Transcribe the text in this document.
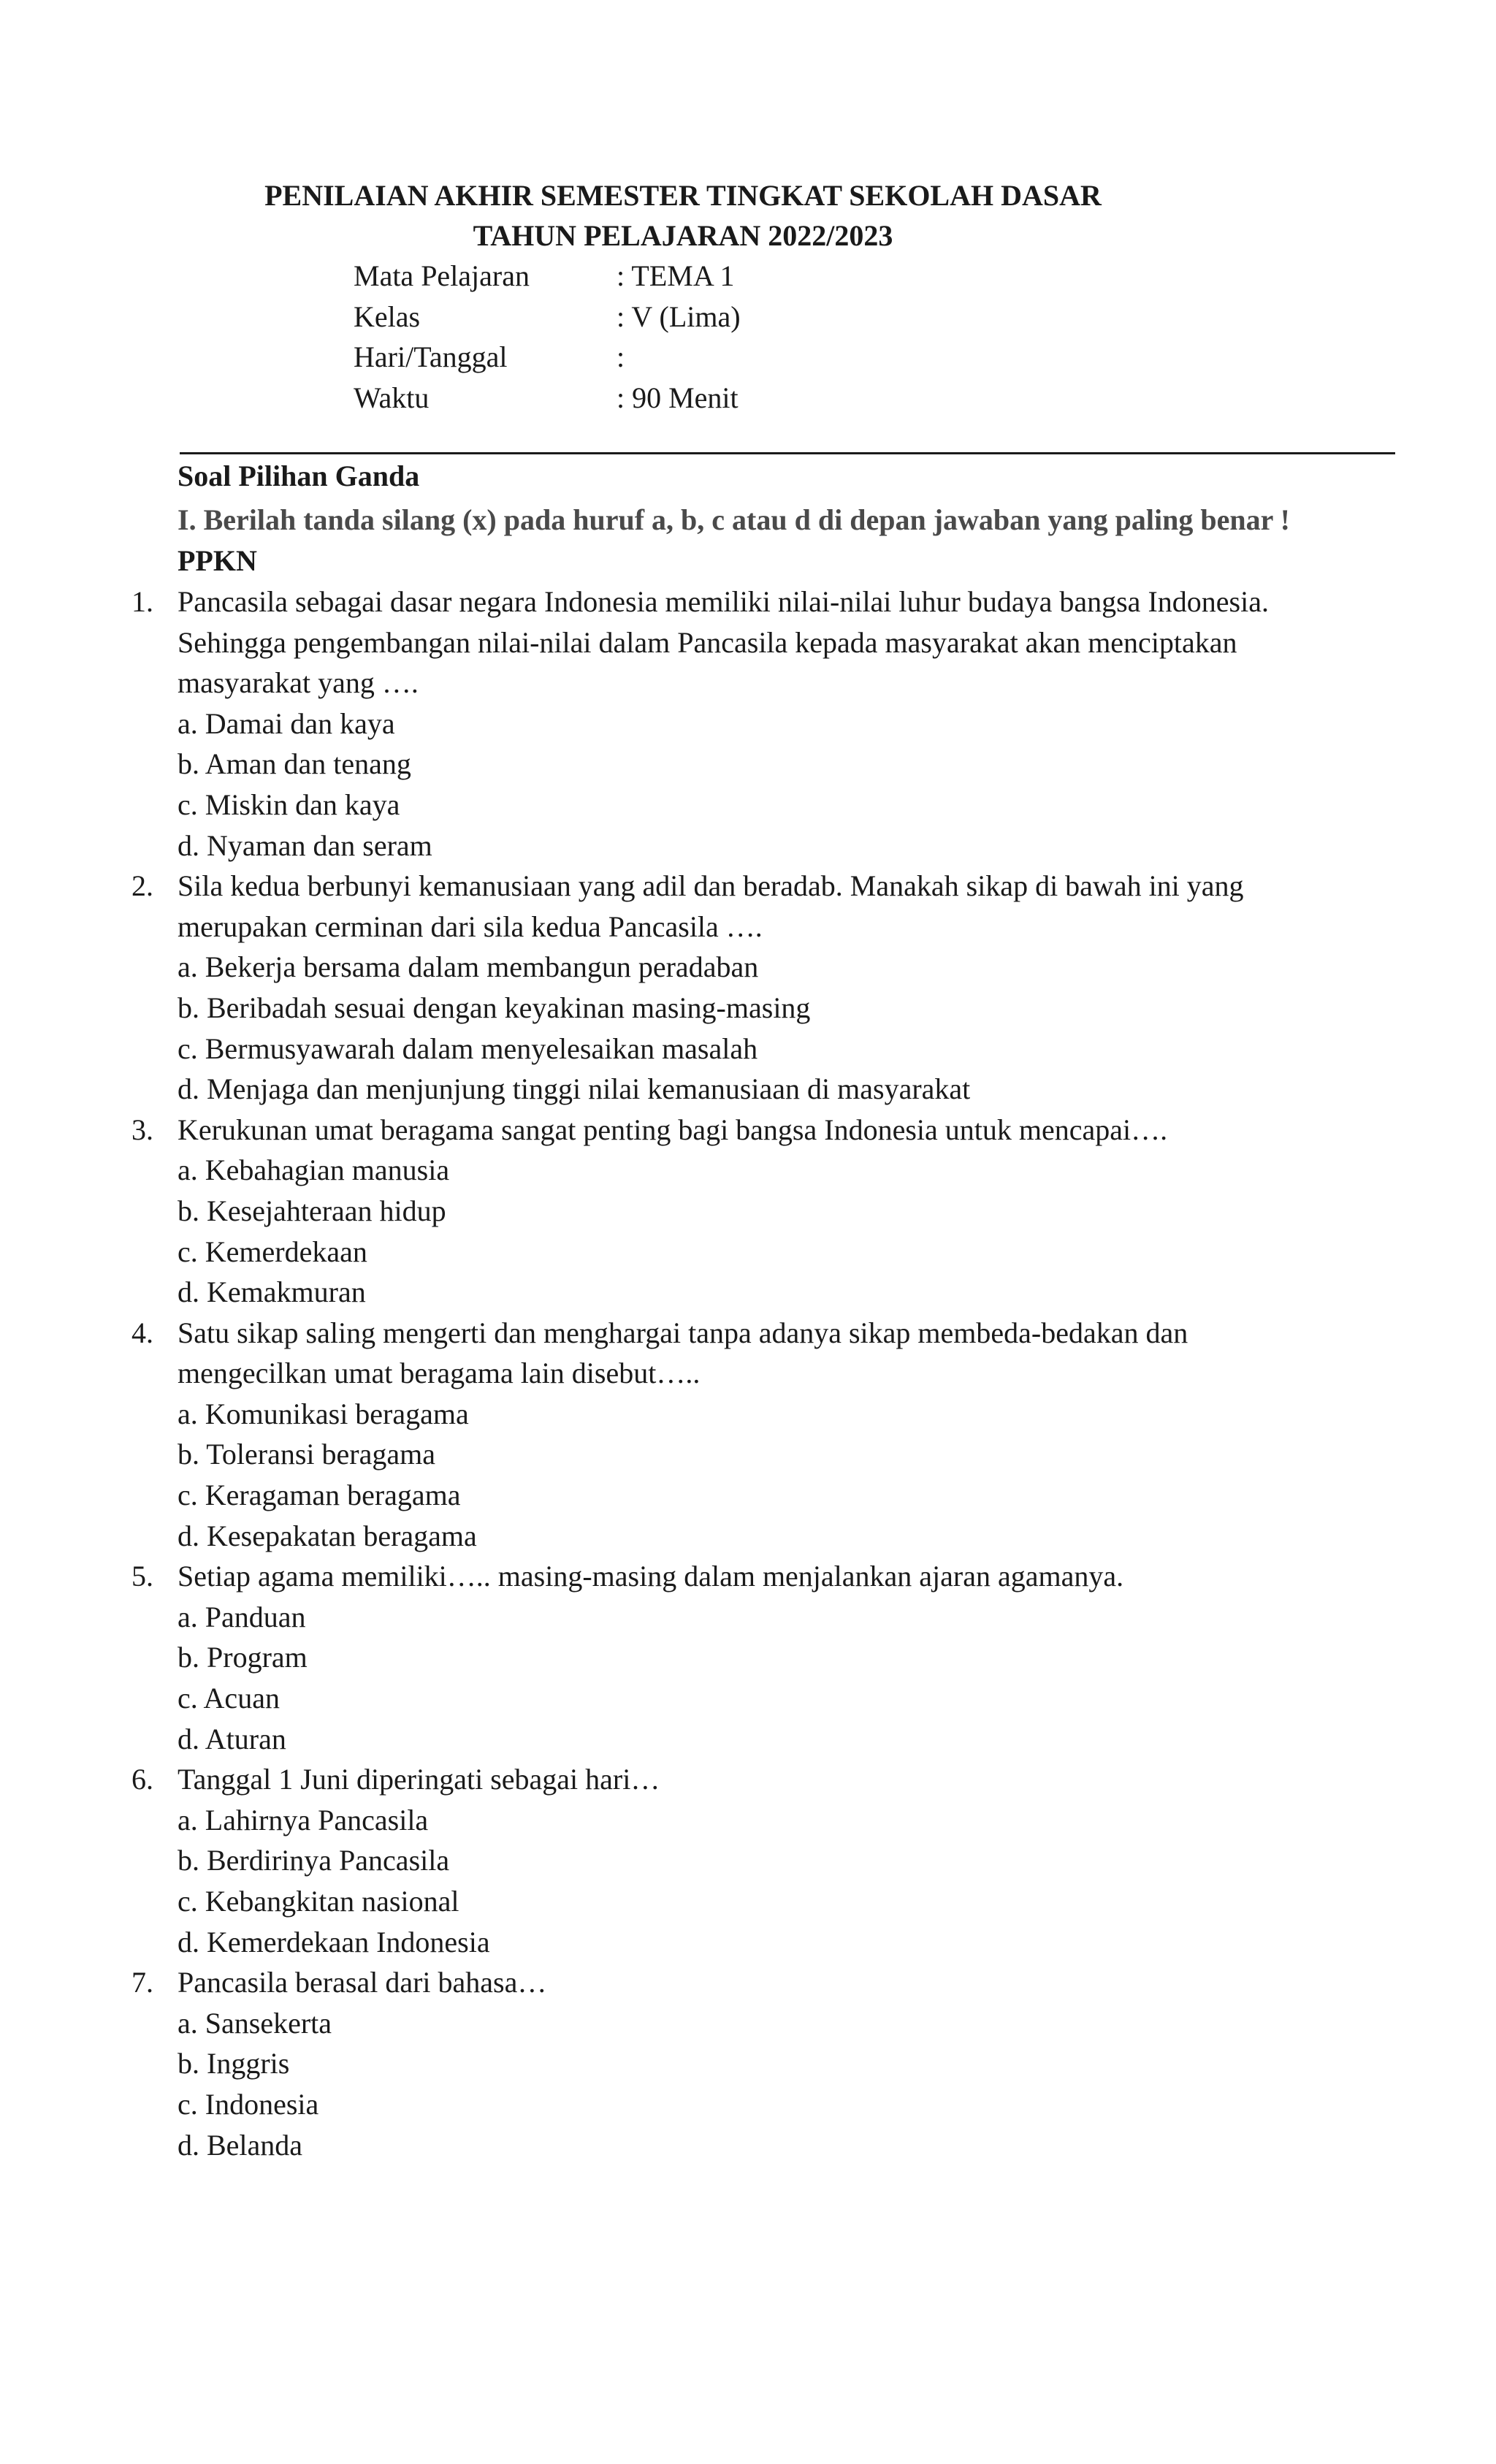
PENILAIAN AKHIR SEMESTER TINGKAT SEKOLAH DASAR

TAHUN PELAJARAN 2022/2023

Mata Pelajaran	: TEMA 1
Kelas	: V (Lima)
Hari/Tanggal	:
Waktu	: 90 Menit
Soal Pilihan Ganda
I. Berilah tanda silang (x) pada huruf a, b, c atau d di depan jawaban yang paling benar !
PPKN
1. Pancasila sebagai dasar negara Indonesia memiliki nilai-nilai luhur budaya bangsa Indonesia.
Sehingga pengembangan nilai-nilai dalam Pancasila kepada masyarakat akan menciptakan
masyarakat yang ….

a. Damai dan kaya
b. Aman dan tenang
c. Miskin dan kaya
d. Nyaman dan seram
2. Sila kedua berbunyi kemanusiaan yang adil dan beradab. Manakah sikap di bawah ini yang
merupakan cerminan dari sila kedua Pancasila ….

a. Bekerja bersama dalam membangun peradaban
b. Beribadah sesuai dengan keyakinan masing-masing
c. Bermusyawarah dalam menyelesaikan masalah
d. Menjaga dan menjunjung tinggi nilai kemanusiaan di masyarakat
3. Kerukunan umat beragama sangat penting bagi bangsa Indonesia untuk mencapai….

a. Kebahagian manusia
b. Kesejahteraan hidup
c. Kemerdekaan
d. Kemakmuran
4. Satu sikap saling mengerti dan menghargai tanpa adanya sikap membeda-bedakan dan
mengecilkan umat beragama lain disebut…..

a. Komunikasi beragama
b. Toleransi beragama
c. Keragaman beragama
d. Kesepakatan beragama
5. Setiap agama memiliki….. masing-masing dalam menjalankan ajaran agamanya.

a. Panduan
b. Program
c. Acuan
d. Aturan
6. Tanggal 1 Juni diperingati sebagai hari…

a. Lahirnya Pancasila
b. Berdirinya Pancasila
c. Kebangkitan nasional
d. Kemerdekaan Indonesia
7. Pancasila berasal dari bahasa…

a. Sansekerta
b. Inggris
c. Indonesia
d. Belanda
